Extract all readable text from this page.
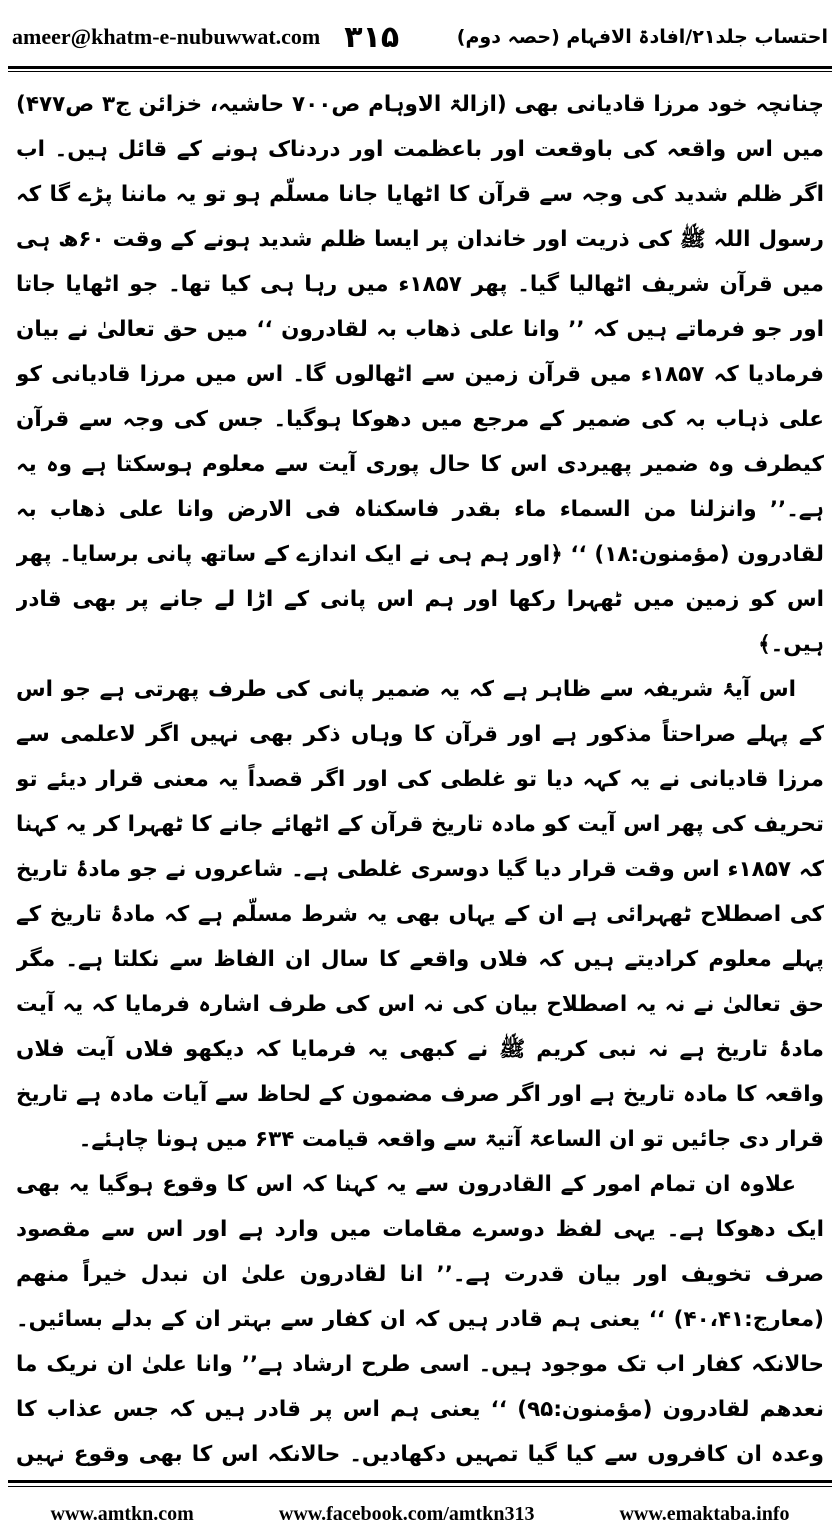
ameer@khatm-e-nubuwwat.com ۳۱۵	احتساب جلد۲۱/افادۃ الافہام (حصہ دوم)

چنانچہ خود مرزا قادیانی بھی (ازالۃ الاوہام ص۷۰۰ حاشیہ، خزائن ج۳ ص۴۷۷) میں اس واقعہ کی باوقعت اور باعظمت اور دردناک ہونے کے قائل ہیں۔ اب اگر ظلم شدید کی وجہ سے قرآن کا اٹھایا جانا مسلّم ہو تو یہ ماننا پڑے گا کہ رسول اللہ ﷺ کی ذریت اور خاندان پر ایسا ظلم شدید ہونے کے وقت ۶۰ھ ہی میں قرآن شریف اٹھالیا گیا۔ پھر ۱۸۵۷ء میں رہا ہی کیا تھا۔ جو اٹھایا جاتا اور جو فرماتے ہیں کہ ’’ وانا علی ذھاب بہ لقادرون ‘‘ میں حق تعالیٰ نے بیان فرمادیا کہ ۱۸۵۷ء میں قرآن زمین سے اٹھالوں گا۔ اس میں مرزا قادیانی کو علی ذہاب بہ کی ضمیر کے مرجع میں دھوکا ہوگیا۔ جس کی وجہ سے قرآن کیطرف وہ ضمیر پھیردی اس کا حال پوری آیت سے معلوم ہوسکتا ہے وہ یہ ہے۔’’ وانزلنا من السماء ماء بقدر فاسکناہ فی الارض وانا علی ذھاب بہ لقادرون (مؤمنون:۱۸) ‘‘ ﴿اور ہم ہی نے ایک اندازے کے ساتھ پانی برسایا۔ پھر اس کو زمین میں ٹھہرا رکھا اور ہم اس پانی کے اڑا لے جانے پر بھی قادر ہیں۔﴾

اس آیۂ شریفہ سے ظاہر ہے کہ یہ ضمیر پانی کی طرف پھرتی ہے جو اس کے پہلے صراحتاً مذکور ہے اور قرآن کا وہاں ذکر بھی نہیں اگر لاعلمی سے مرزا قادیانی نے یہ کہہ دیا تو غلطی کی اور اگر قصداً یہ معنی قرار دیئے تو تحریف کی پھر اس آیت کو مادہ تاریخ قرآن کے اٹھائے جانے کا ٹھہرا کر یہ کہنا کہ ۱۸۵۷ء اس وقت قرار دیا گیا دوسری غلطی ہے۔ شاعروں نے جو مادۂ تاریخ کی اصطلاح ٹھہرائی ہے ان کے یہاں بھی یہ شرط مسلّم ہے کہ مادۂ تاریخ کے پہلے معلوم کرادیتے ہیں کہ فلاں واقعے کا سال ان الفاظ سے نکلتا ہے۔ مگر حق تعالیٰ نے نہ یہ اصطلاح بیان کی نہ اس کی طرف اشارہ فرمایا کہ یہ آیت مادۂ تاریخ ہے نہ نبی کریم ﷺ نے کبھی یہ فرمایا کہ دیکھو فلاں آیت فلاں واقعہ کا مادہ تاریخ ہے اور اگر صرف مضمون کے لحاظ سے آیات مادہ ہے تاریخ قرار دی جائیں تو ان الساعۃ آتیۃ سے واقعہ قیامت ۶۳۴ میں ہونا چاہئے۔

علاوہ ان تمام امور کے القادرون سے یہ کہنا کہ اس کا وقوع ہوگیا یہ بھی ایک دھوکا ہے۔ یہی لفظ دوسرے مقامات میں وارد ہے اور اس سے مقصود صرف تخویف اور بیان قدرت ہے۔’’ انا لقادرون علیٰ ان نبدل خیراً منھم (معارج:۴۰،۴۱) ‘‘ یعنی ہم قادر ہیں کہ ان کفار سے بہتر ان کے بدلے بسائیں۔ حالانکہ کفار اب تک موجود ہیں۔ اسی طرح ارشاد ہے’’ وانا علیٰ ان نریک ما نعدھم لقادرون (مؤمنون:۹۵) ‘‘ یعنی ہم اس پر قادر ہیں کہ جس عذاب کا وعدہ ان کافروں سے کیا گیا تمہیں دکھادیں۔ حالانکہ اس کا بھی وقوع نہیں

www.amtkn.com	www.facebook.com/amtkn313	www.emaktaba.info
